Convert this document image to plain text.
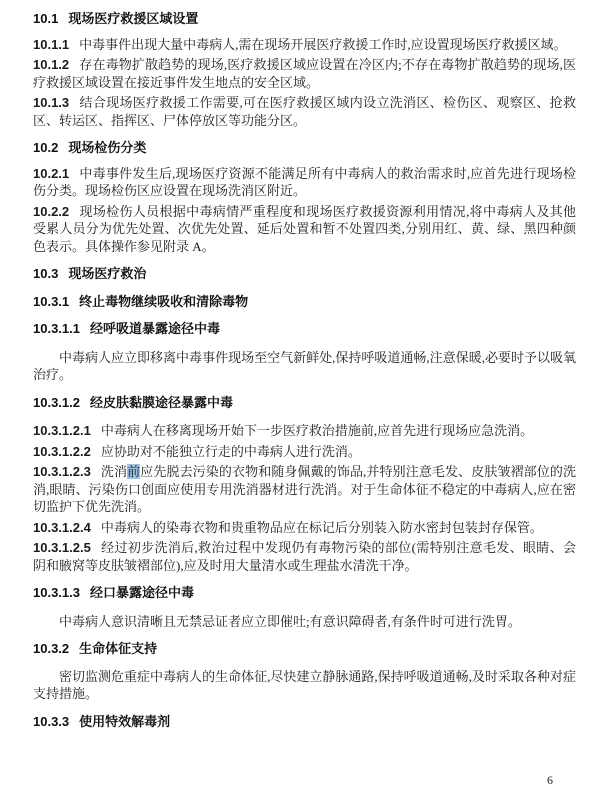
10.1 现场医疗救援区域设置

10.1.1 中毒事件出现大量中毒病人,需在现场开展医疗救援工作时,应设置现场医疗救援区域。

10.1.2 存在毒物扩散趋势的现场,医疗救援区域应设置在冷区内;不存在毒物扩散趋势的现场,医疗救援区域设置在接近事件发生地点的安全区域。

10.1.3 结合现场医疗救援工作需要,可在医疗救援区域内设立洗消区、检伤区、观察区、抢救区、转运区、指挥区、尸体停放区等功能分区。

10.2 现场检伤分类

10.2.1 中毒事件发生后,现场医疗资源不能满足所有中毒病人的救治需求时,应首先进行现场检伤分类。现场检伤区应设置在现场洗消区附近。

10.2.2 现场检伤人员根据中毒病情严重程度和现场医疗救援资源利用情况,将中毒病人及其他受累人员分为优先处置、次优先处置、延后处置和暂不处置四类,分别用红、黄、绿、黑四种颜色表示。具体操作参见附录 A。

10.3 现场医疗救治

10.3.1 终止毒物继续吸收和清除毒物

10.3.1.1 经呼吸道暴露途径中毒

中毒病人应立即移离中毒事件现场至空气新鲜处,保持呼吸道通畅,注意保暖,必要时予以吸氧治疗。

10.3.1.2 经皮肤黏膜途径暴露中毒

10.3.1.2.1 中毒病人在移离现场开始下一步医疗救治措施前,应首先进行现场应急洗消。

10.3.1.2.2 应协助对不能独立行走的中毒病人进行洗消。

10.3.1.2.3 洗消前应先脱去污染的衣物和随身佩戴的饰品,并特别注意毛发、皮肤皱褶部位的洗消,眼睛、污染伤口创面应使用专用洗消器材进行洗消。对于生命体征不稳定的中毒病人,应在密切监护下优先洗消。

10.3.1.2.4 中毒病人的染毒衣物和贵重物品应在标记后分别装入防水密封包装封存保管。

10.3.1.2.5 经过初步洗消后,救治过程中发现仍有毒物污染的部位(需特别注意毛发、眼睛、会阴和腋窝等皮肤皱褶部位),应及时用大量清水或生理盐水清洗干净。

10.3.1.3 经口暴露途径中毒

中毒病人意识清晰且无禁忌证者应立即催吐;有意识障碍者,有条件时可进行洗胃。

10.3.2 生命体征支持

密切监测危重症中毒病人的生命体征,尽快建立静脉通路,保持呼吸道通畅,及时采取各种对症支持措施。

10.3.3 使用特效解毒剂

6
